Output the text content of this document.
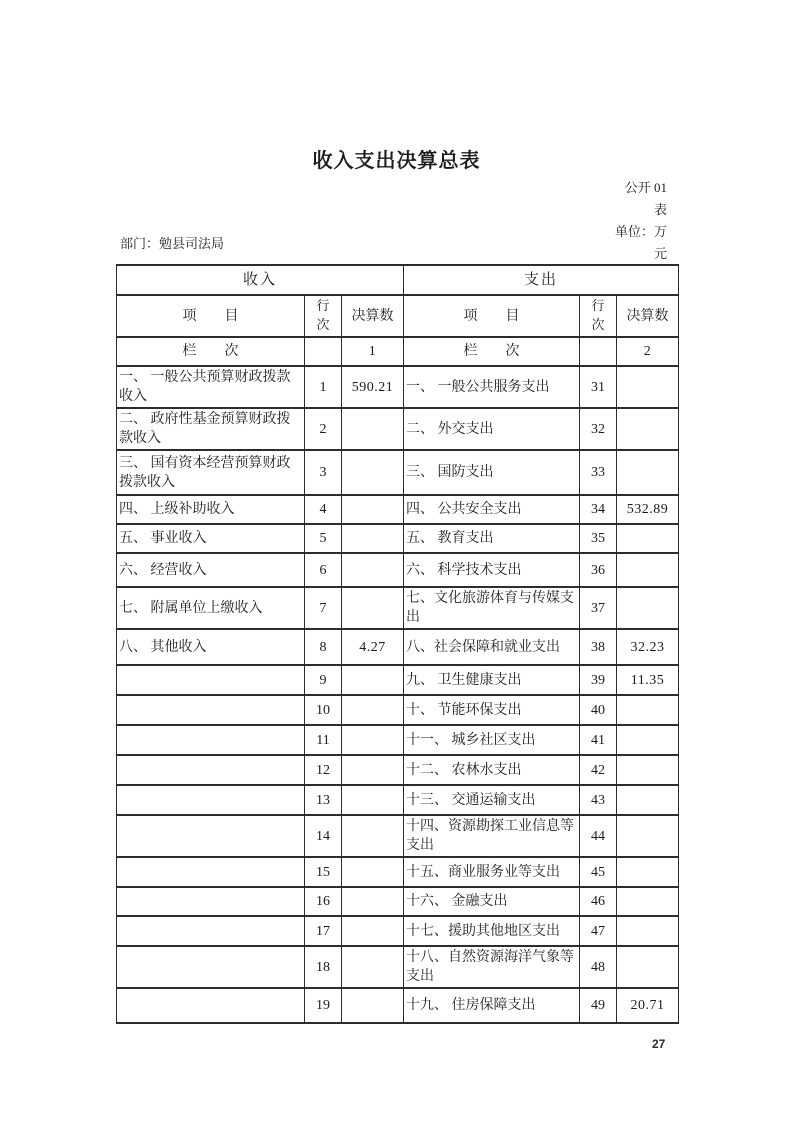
收入支出决算总表
公开 01
表
单位：万
元
部门：勉县司法局
收入			支出		
项　　目	行次	决算数	项　　目	行次	决算数
栏　　次		1	栏　　次		2
一、 一般公共预算财政拨款收入	1	590.21	一、 一般公共服务支出	31	
二、 政府性基金预算财政拨款收入	2		二、 外交支出	32	
三、 国有资本经营预算财政拨款收入	3		三、 国防支出	33	
四、 上级补助收入	4		四、 公共安全支出	34	532.89
五、 事业收入	5		五、 教育支出	35	
六、 经营收入	6		六、 科学技术支出	36	
七、 附属单位上缴收入	7		七、文化旅游体育与传媒支出	37	
八、 其他收入	8	4.27	八、社会保障和就业支出	38	32.23
	9		九、 卫生健康支出	39	11.35
	10		十、 节能环保支出	40	
	11		十一、 城乡社区支出	41	
	12		十二、 农林水支出	42	
	13		十三、 交通运输支出	43	
	14		十四、资源勘探工业信息等支出	44	
	15		十五、商业服务业等支出	45	
	16		十六、 金融支出	46	
	17		十七、援助其他地区支出	47	
	18		十八、自然资源海洋气象等支出	48	
	19		十九、 住房保障支出	49	20.71
27
